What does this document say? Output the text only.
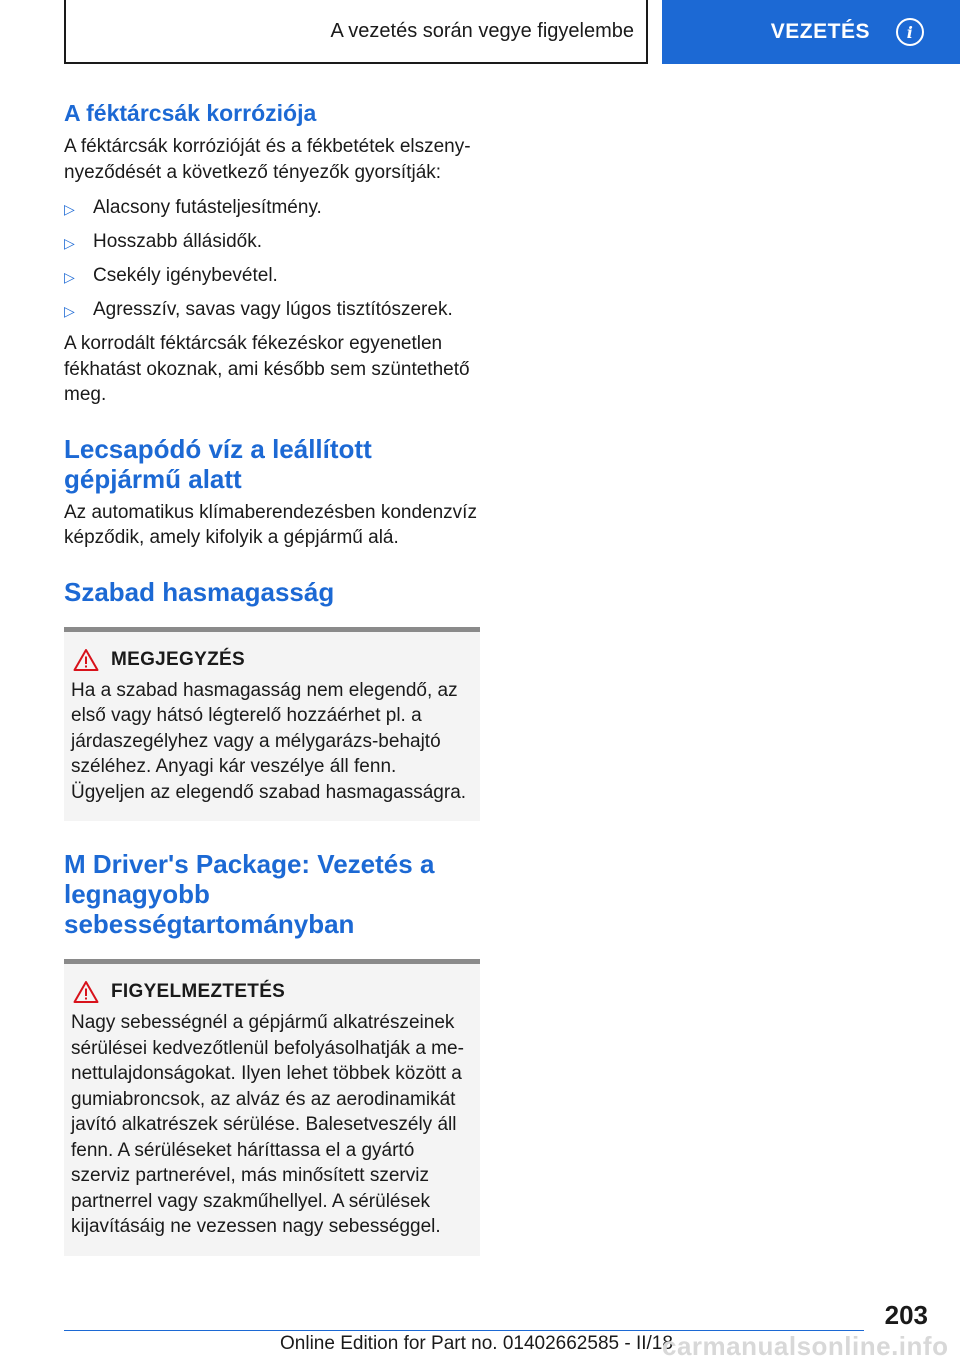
A vezetés során vegye figyelembe	VEZETÉS	i
A féktárcsák korróziója

A féktárcsák korrózióját és a fékbetétek elszenynyeződését a következő tényezők gyorsítják:

▷ Alacsony futásteljesítmény.
▷ Hosszabb állásidők.
▷ Csekély igénybevétel.
▷ Agresszív, savas vagy lúgos tisztítószerek.

A korrodált féktárcsák fékezéskor egyenetlen fékhatást okoznak, ami később sem szüntethető meg.

Lecsapódó víz a leállított gépjármű alatt

Az automatikus klímaberendezésben kondenzvíz képződik, amely kifolyik a gépjármű alá.

Szabad hasmagasság
MEGJEGYZÉS

Ha a szabad hasmagasság nem elegendő, az első vagy hátsó légterelő hozzáérhet pl. a járdaszegélyhez vagy a mélygarázs-behajtó széléhez. Anyagi kár veszélye áll fenn. Ügyeljen az elegendő szabad hasmagasságra.

M Driver's Package: Vezetés a legnagyobb sebességtartományban
FIGYELMEZTETÉS

Nagy sebességnél a gépjármű alkatrészeinek sérülései kedvezőtlenül befolyásolhatják a menettulajdonságokat. Ilyen lehet többek között a gumiabroncsok, az alváz és az aerodinamikát javító alkatrészek sérülése. Balesetveszély áll fenn. A sérüléseket háríttassa el a gyártó szerviz partnerével, más minősített szerviz partnerrel vagy szakműhellyel. A sérülések kijavításáig ne vezessen nagy sebességgel.

203
Online Edition for Part no. 01402662585 - II/18
carmanualsonline.info
